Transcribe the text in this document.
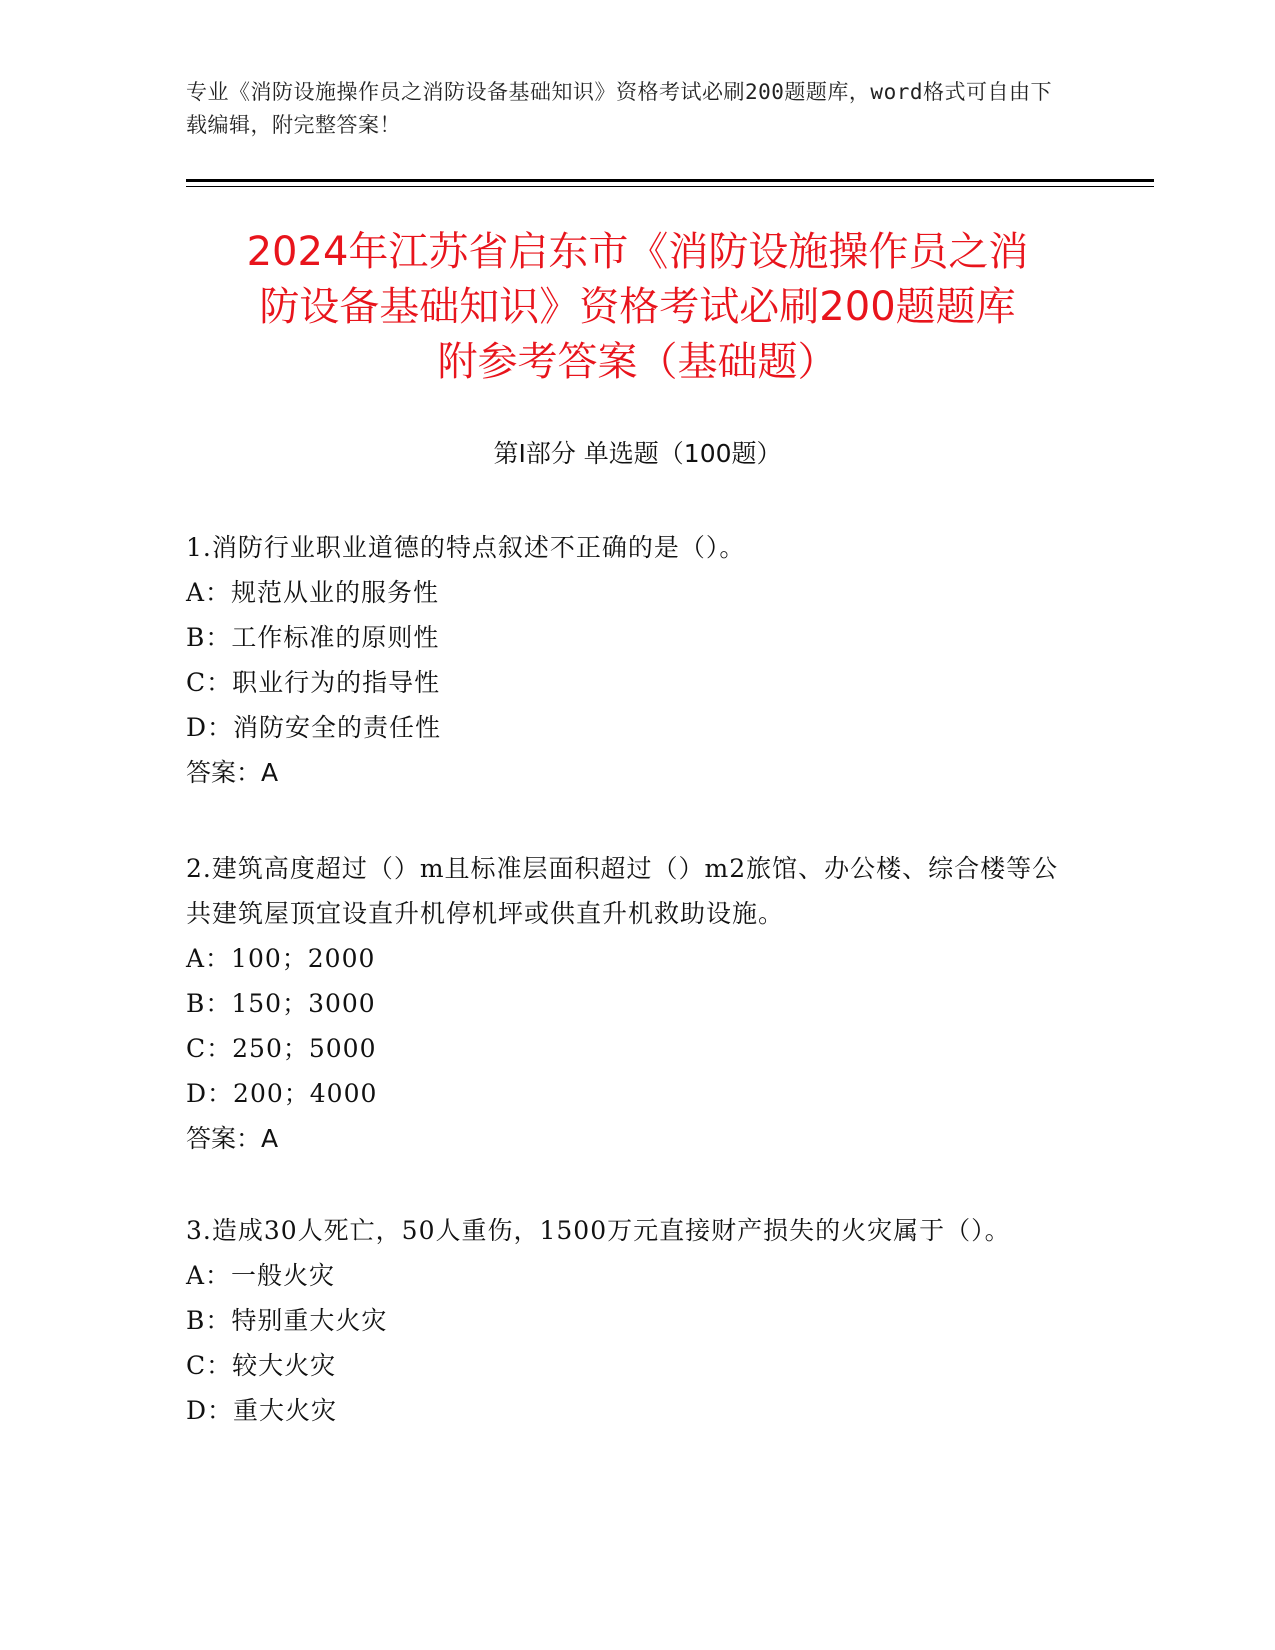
专业《消防设施操作员之消防设备基础知识》资格考试必刷200题题库，word格式可自由下载编辑，附完整答案！
2024年江苏省启东市《消防设施操作员之消
防设备基础知识》资格考试必刷200题题库
附参考答案（基础题）
第Ⅰ部分 单选题（100题）

1.消防行业职业道德的特点叙述不正确的是（）。

A：规范从业的服务性

B：工作标准的原则性

C：职业行为的指导性

D：消防安全的责任性

答案：A

2.建筑高度超过（）m且标准层面积超过（）m2旅馆、办公楼、综合楼等公共建筑屋顶宜设直升机停机坪或供直升机救助设施。

A：100；2000

B：150；3000

C：250；5000

D：200；4000

答案：A

3.造成30人死亡，50人重伤，1500万元直接财产损失的火灾属于（）。

A：一般火灾

B：特别重大火灾

C：较大火灾

D：重大火灾
